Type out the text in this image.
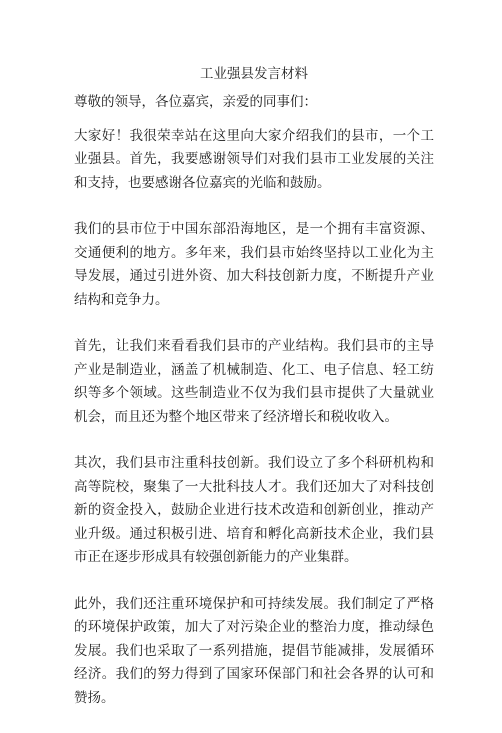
工业强县发言材料

尊敬的领导，各位嘉宾，亲爱的同事们：

大家好！我很荣幸站在这里向大家介绍我们的县市，一个工业强县。首先，我要感谢领导们对我们县市工业发展的关注和支持，也要感谢各位嘉宾的光临和鼓励。

我们的县市位于中国东部沿海地区，是一个拥有丰富资源、交通便利的地方。多年来，我们县市始终坚持以工业化为主导发展，通过引进外资、加大科技创新力度，不断提升产业结构和竞争力。

首先，让我们来看看我们县市的产业结构。我们县市的主导产业是制造业，涵盖了机械制造、化工、电子信息、轻工纺织等多个领域。这些制造业不仅为我们县市提供了大量就业机会，而且还为整个地区带来了经济增长和税收收入。

其次，我们县市注重科技创新。我们设立了多个科研机构和高等院校，聚集了一大批科技人才。我们还加大了对科技创新的资金投入，鼓励企业进行技术改造和创新创业，推动产业升级。通过积极引进、培育和孵化高新技术企业，我们县市正在逐步形成具有较强创新能力的产业集群。

此外，我们还注重环境保护和可持续发展。我们制定了严格的环境保护政策，加大了对污染企业的整治力度，推动绿色发展。我们也采取了一系列措施，提倡节能减排，发展循环经济。我们的努力得到了国家环保部门和社会各界的认可和赞扬。
